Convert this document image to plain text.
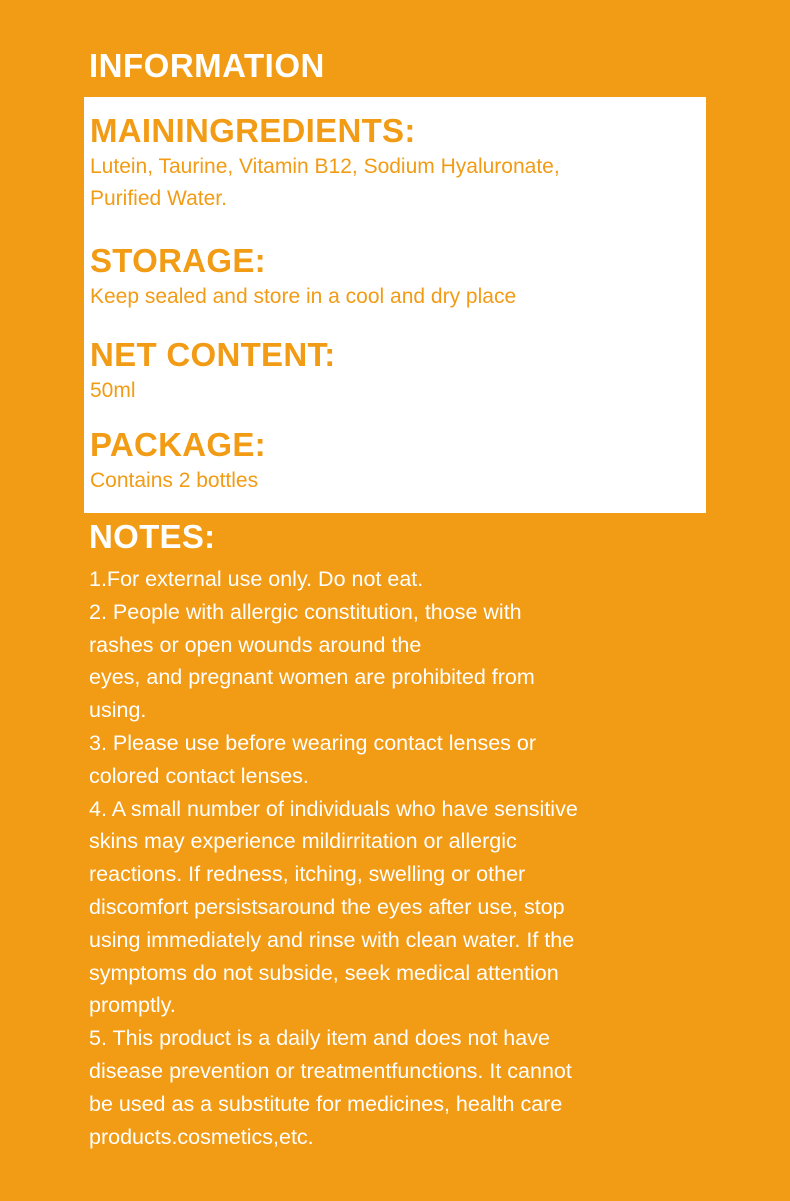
INFORMATION

MAININGREDIENTS:

Lutein, Taurine, Vitamin B12, Sodium Hyaluronate,

Purified Water.

STORAGE:

Keep sealed and store in a cool and dry place

NET CONTENT:

50ml

PACKAGE:

Contains 2 bottles

NOTES:

1.For external use only. Do not eat.

2. People with allergic constitution, those with

rashes or open wounds around the

eyes, and pregnant women are prohibited from

using.

3. Please use before wearing contact lenses or

colored contact lenses.

4. A small number of individuals who have sensitive

skins may experience mildirritation or allergic

reactions. If redness, itching, swelling or other

discomfort persistsaround the eyes after use, stop

using immediately and rinse with clean water. If the

symptoms do not subside, seek medical attention

promptly.

5. This product is a daily item and does not have

disease prevention or treatmentfunctions. It cannot

be used as a substitute for medicines, health care

products.cosmetics,etc.
